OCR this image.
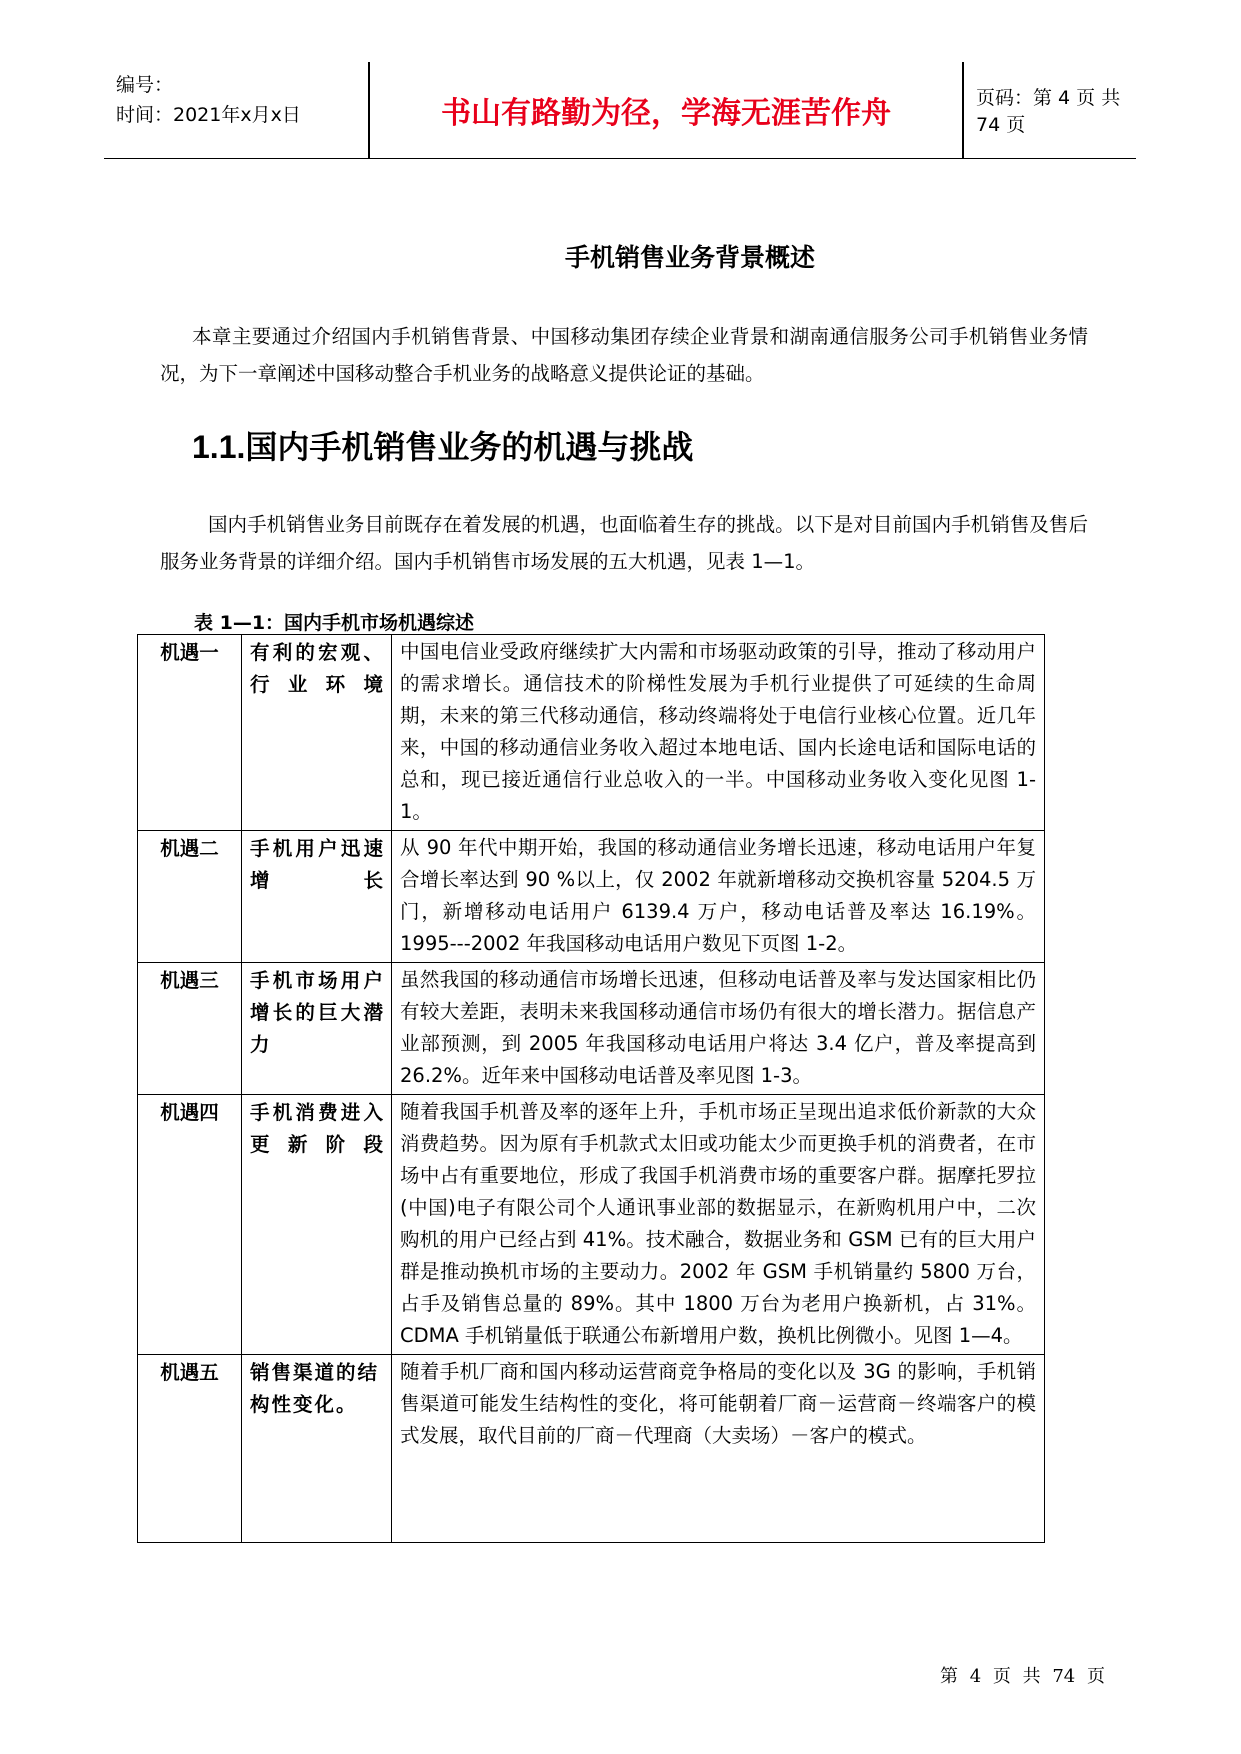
编号：
时间：2021年x月x日	书山有路勤为径，学海无涯苦作舟	页码：第 4 页 共 74 页
手机销售业务背景概述
本章主要通过介绍国内手机销售背景、中国移动集团存续企业背景和湖南通信服务公司手机销售业务情况，为下一章阐述中国移动整合手机业务的战略意义提供论证的基础。
1.1.国内手机销售业务的机遇与挑战
国内手机销售业务目前既存在着发展的机遇，也面临着生存的挑战。以下是对目前国内手机销售及售后服务业务背景的详细介绍。国内手机销售市场发展的五大机遇，见表 1—1。
表 1—1：国内手机市场机遇综述
机遇一	有利的宏观、行业环境	中国电信业受政府继续扩大内需和市场驱动政策的引导，推动了移动用户的需求增长。通信技术的阶梯性发展为手机行业提供了可延续的生命周期，未来的第三代移动通信，移动终端将处于电信行业核心位置。近几年来，中国的移动通信业务收入超过本地电话、国内长途电话和国际电话的总和，现已接近通信行业总收入的一半。中国移动业务收入变化见图 1-1。
机遇二	手机用户迅速增长	从 90 年代中期开始，我国的移动通信业务增长迅速，移动电话用户年复合增长率达到 90 %以上，仅 2002 年就新增移动交换机容量 5204.5 万门，新增移动电话用户 6139.4 万户，移动电话普及率达 16.19%。 1995---2002 年我国移动电话用户数见下页图 1-2。
机遇三	手机市场用户增长的巨大潜力	虽然我国的移动通信市场增长迅速，但移动电话普及率与发达国家相比仍有较大差距，表明未来我国移动通信市场仍有很大的增长潜力。据信息产业部预测，到 2005 年我国移动电话用户将达 3.4 亿户，普及率提高到 26.2%。近年来中国移动电话普及率见图 1-3。
机遇四	手机消费进入更新阶段	随着我国手机普及率的逐年上升，手机市场正呈现出追求低价新款的大众消费趋势。因为原有手机款式太旧或功能太少而更换手机的消费者，在市场中占有重要地位，形成了我国手机消费市场的重要客户群。据摩托罗拉(中国)电子有限公司个人通讯事业部的数据显示，在新购机用户中，二次购机的用户已经占到 41%。技术融合，数据业务和 GSM 已有的巨大用户群是推动换机市场的主要动力。2002 年 GSM 手机销量约 5800 万台，占手及销售总量的 89%。其中 1800 万台为老用户换新机，占 31%。CDMA 手机销量低于联通公布新增用户数，换机比例微小。见图 1—4。
机遇五	销售渠道的结构性变化。	随着手机厂商和国内移动运营商竞争格局的变化以及 3G 的影响，手机销售渠道可能发生结构性的变化，将可能朝着厂商－运营商－终端客户的模式发展，取代目前的厂商－代理商（大卖场）－客户的模式。
第 4 页 共 74 页
